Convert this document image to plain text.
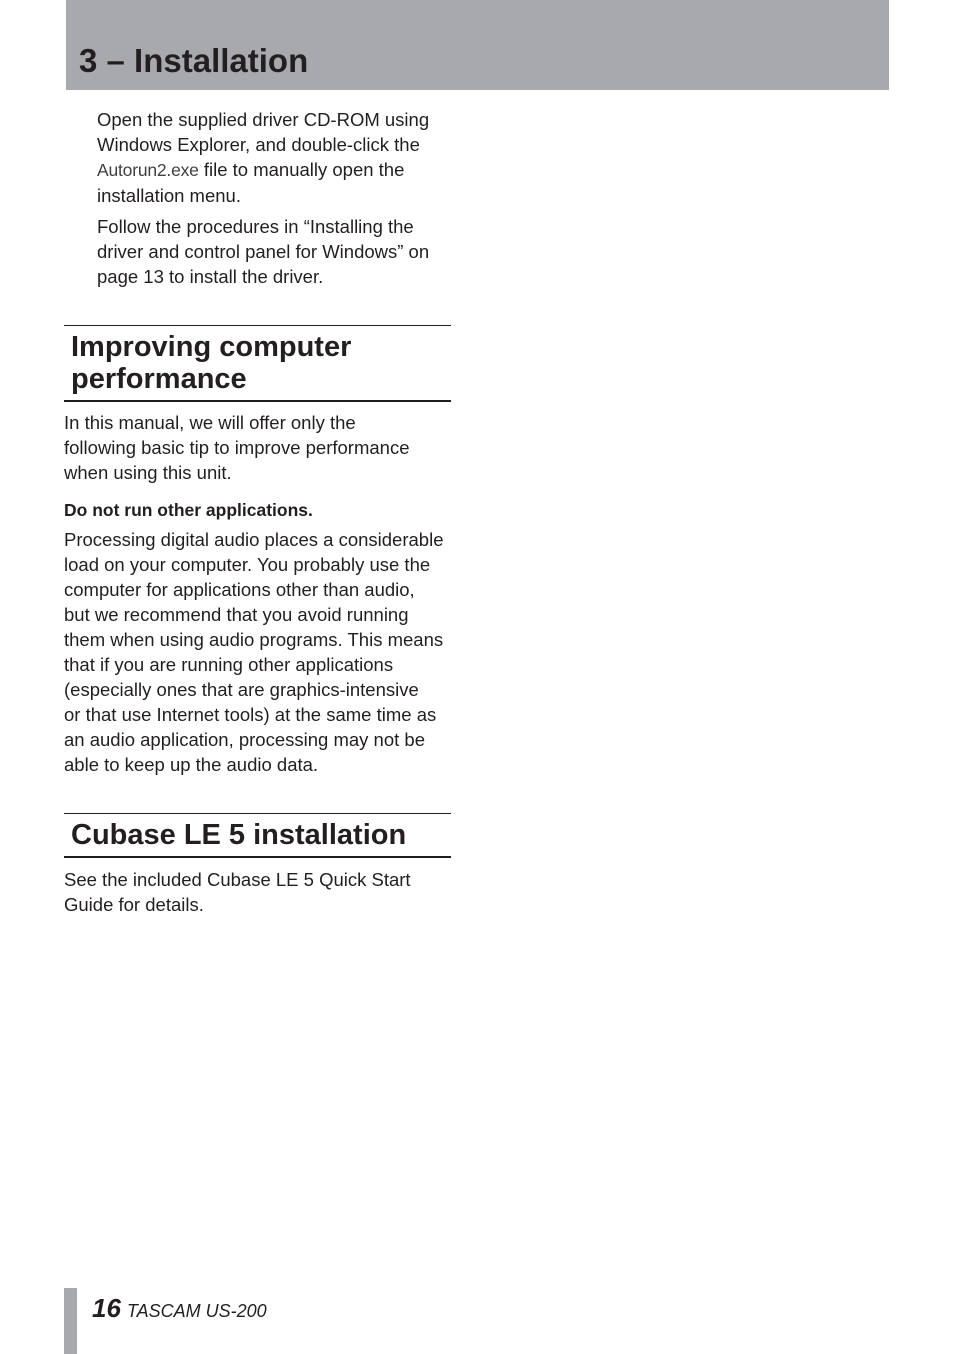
3 – Installation

Open the supplied driver CD-ROM using
Windows Explorer, and double-click the
Autorun2.exe file to manually open the
installation menu.

Follow the procedures in “Installing the
driver and control panel for Windows” on
page 13 to install the driver.

Improving computer
performance

In this manual, we will offer only the
following basic tip to improve performance
when using this unit.

Do not run other applications.

Processing digital audio places a considerable
load on your computer. You probably use the
computer for applications other than audio,
but we recommend that you avoid running
them when using audio programs. This means
that if you are running other applications
(especially ones that are graphics-intensive
or that use Internet tools) at the same time as
an audio application, processing may not be
able to keep up the audio data.

Cubase LE 5 installation

See the included Cubase LE 5 Quick Start
Guide for details.

16 TASCAM US-200
